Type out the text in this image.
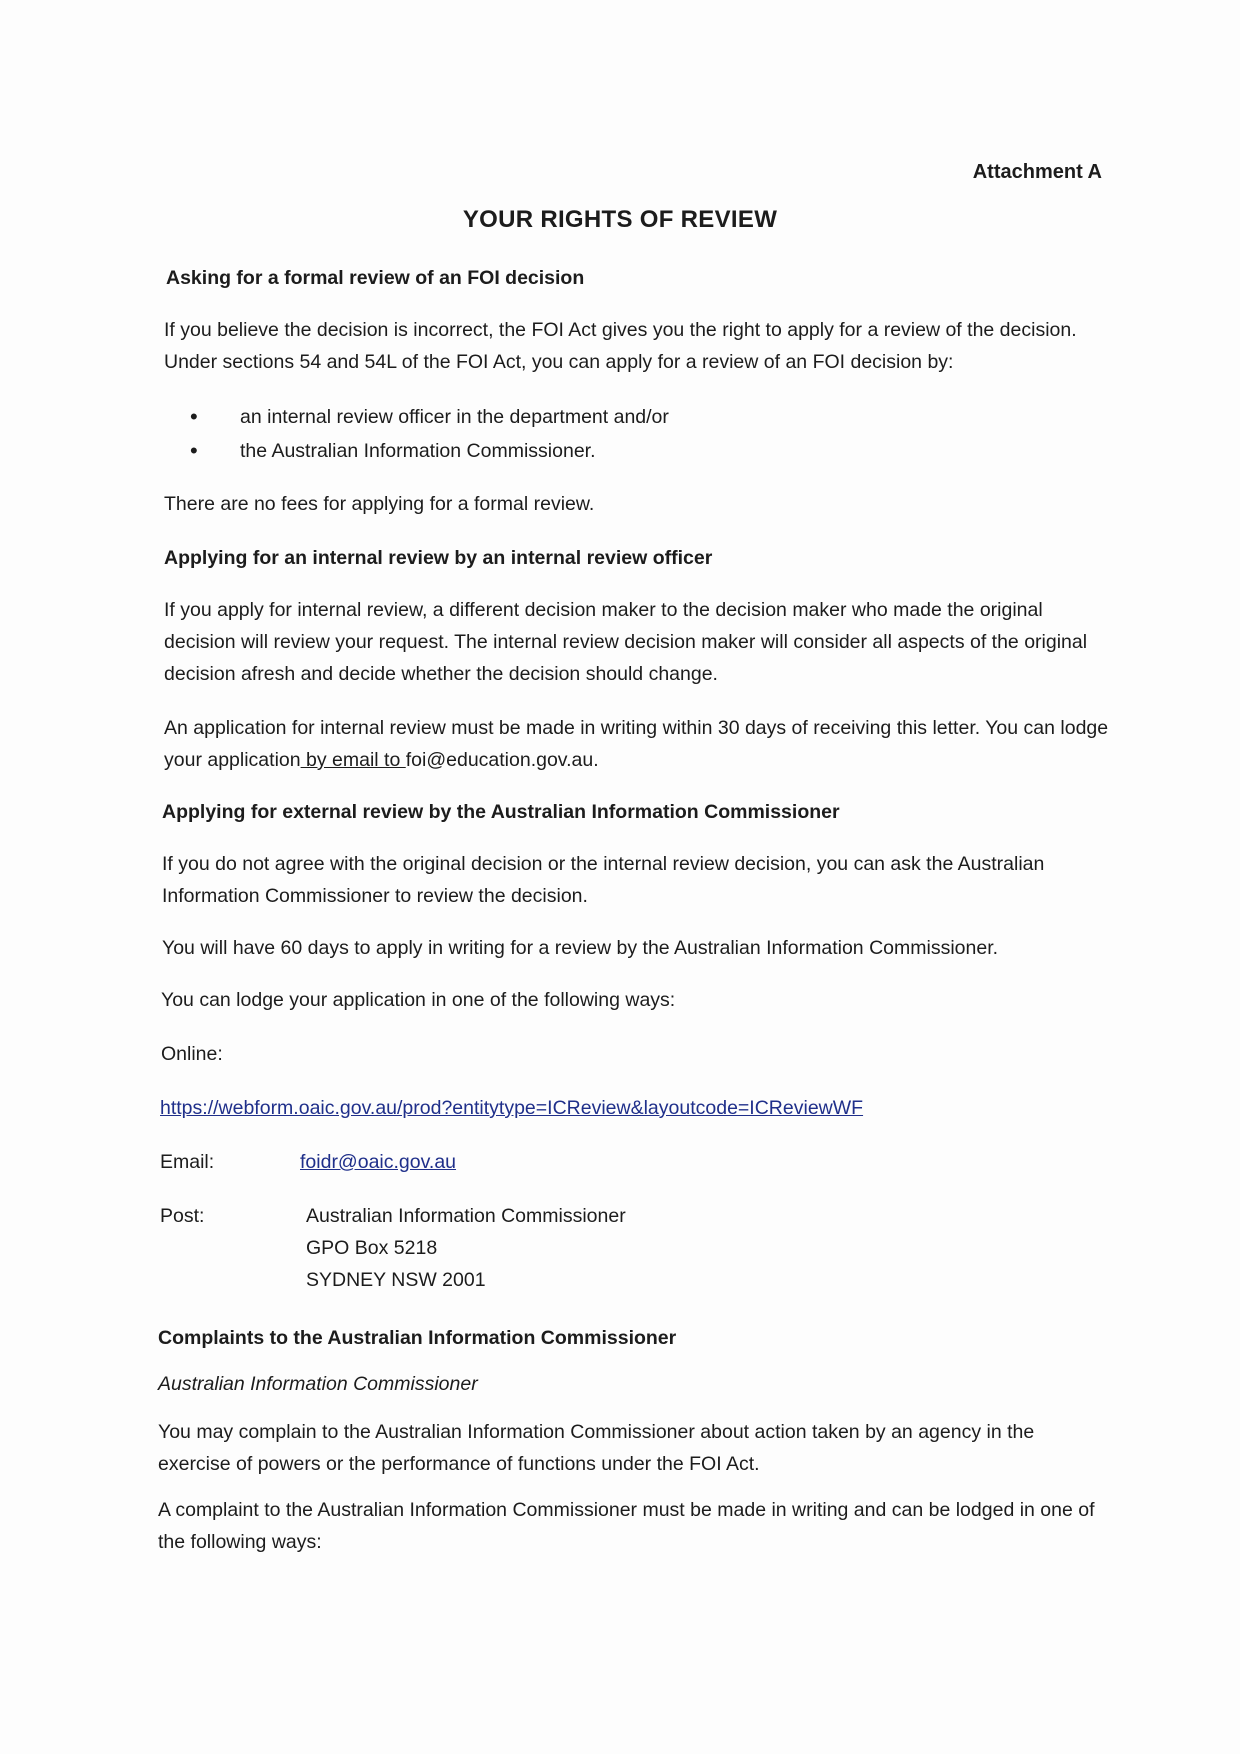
Attachment A
YOUR RIGHTS OF REVIEW
Asking for a formal review of an FOI decision

If you believe the decision is incorrect, the FOI Act gives you the right to apply for a review of the decision. Under sections 54 and 54L of the FOI Act, you can apply for a review of an FOI decision by:

• an internal review officer in the department and/or
• the Australian Information Commissioner.

There are no fees for applying for a formal review.

Applying for an internal review by an internal review officer

If you apply for internal review, a different decision maker to the decision maker who made the original decision will review your request. The internal review decision maker will consider all aspects of the original decision afresh and decide whether the decision should change.

An application for internal review must be made in writing within 30 days of receiving this letter. You can lodge your application by email to foi@education.gov.au.

Applying for external review by the Australian Information Commissioner

If you do not agree with the original decision or the internal review decision, you can ask the Australian Information Commissioner to review the decision.

You will have 60 days to apply in writing for a review by the Australian Information Commissioner.

You can lodge your application in one of the following ways:

Online:

https://webform.oaic.gov.au/prod?entitytype=ICReview&layoutcode=ICReviewWF
Email:	foidr@oaic.gov.au
Post:	Australian Information Commissioner
GPO Box 5218
SYDNEY NSW 2001
Complaints to the Australian Information Commissioner

Australian Information Commissioner

You may complain to the Australian Information Commissioner about action taken by an agency in the exercise of powers or the performance of functions under the FOI Act.

A complaint to the Australian Information Commissioner must be made in writing and can be lodged in one of the following ways:
